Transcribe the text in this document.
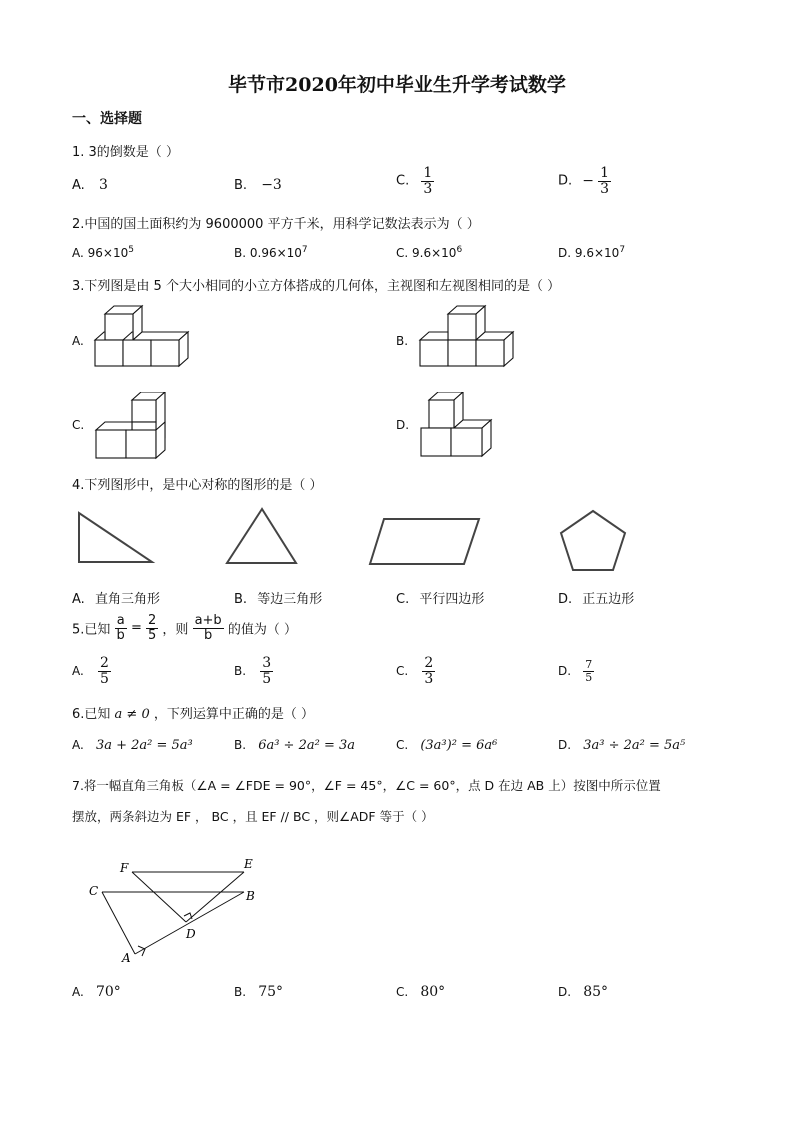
毕节市2020年初中毕业生升学考试数学
一、选择题
1. 3的倒数是（ ）
A. 3	B. −3	C. $\frac{1}{3}$	D. − $\frac{1}{3}$
2.中国的国土面积约为 9600000 平方千米，用科学记数法表示为（ ）
A. $96\times 10^5$	B. $0.96\times 10^7$	C. $9.6\times 10^6$	D. $9.6\times 10^7$
3.下列图是由 5 个大小相同的小立方体搭成的几何体，主视图和左视图相同的是（ ）
A.	B.
C.	D.
4.下列图形中，是中心对称的图形的是（ ）
A. 直角三角形	B. 等边三角形	C. 平行四边形	D. 正五边形
5.已知 $\frac{a}{b} = \frac{2}{5}$ ，则 $\frac{a+b}{b}$ 的值为（ ）
A. $\frac{2}{5}$	B. $\frac{3}{5}$	C. $\frac{2}{3}$	D. $\frac{7}{5}$
6.已知 a ≠ 0 ，下列运算中正确的是（ ）
A. 3a + 2a² = 5a³	B. 6a³ ÷ 2a² = 3a	C. (3a³)² = 6a⁶	D. 3a³ ÷ 2a² = 5a⁵
7.将一幅直角三角板（∠A = ∠FDE = 90°，∠F = 45°，∠C = 60°，点 D 在边 AB 上）按图中所示位置
摆放，两条斜边为 EF ， BC ，且 EF // BC ，则∠ADF 等于（ ）
F	E
C	B
D
A
A. 70°	B. 75°	C. 80°	D. 85°
